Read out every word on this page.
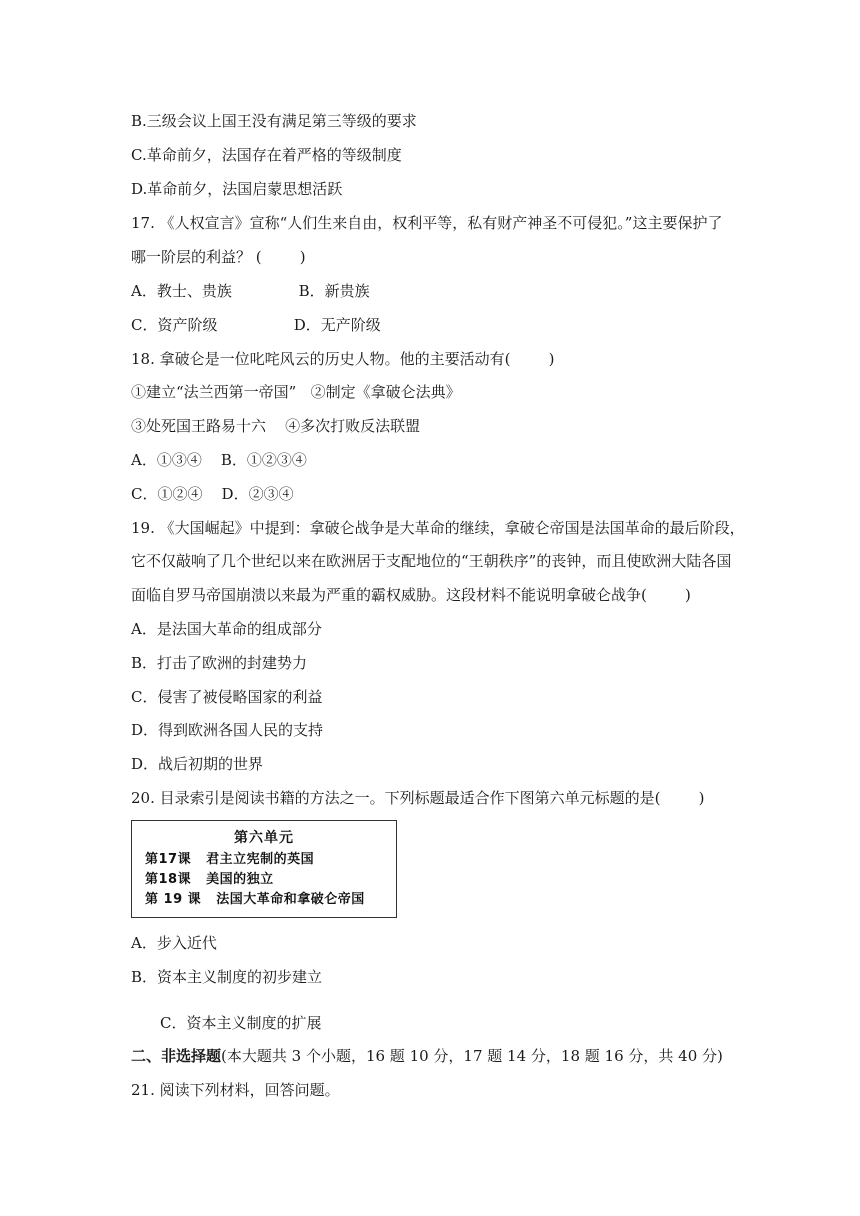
B.三级会议上国王没有满足第三等级的要求
C.革命前夕，法国存在着严格的等级制度
D.革命前夕，法国启蒙思想活跃
17. 《人权宣言》宣称“人们生来自由，权利平等，私有财产神圣不可侵犯。”这主要保护了
哪一阶层的利益？ (        )
A．教士、贵族              B．新贵族
C．资产阶级                D．无产阶级
18. 拿破仑是一位叱咤风云的历史人物。他的主要活动有(        )
①建立“法兰西第一帝国”   ②制定《拿破仑法典》
③处死国王路易十六    ④多次打败反法联盟
A．①③④    B．①②③④
C．①②④    D．②③④
19. 《大国崛起》中提到：拿破仑战争是大革命的继续，拿破仑帝国是法国革命的最后阶段，
它不仅敲响了几个世纪以来在欧洲居于支配地位的“王朝秩序”的丧钟，而且使欧洲大陆各国
面临自罗马帝国崩溃以来最为严重的霸权威胁。这段材料不能说明拿破仑战争(        )
A．是法国大革命的组成部分
B．打击了欧洲的封建势力
C．侵害了被侵略国家的利益
D．得到欧洲各国人民的支持
D．战后初期的世界
20. 目录索引是阅读书籍的方法之一。下列标题最适合作下图第六单元标题的是(        )
第六单元
第17课   君主立宪制的英国
第18课   美国的独立
第 19 课   法国大革命和拿破仑帝国
A．步入近代
B．资本主义制度的初步建立
C．资本主义制度的扩展
二、非选择题(本大题共 3 个小题，16 题 10 分，17 题 14 分，18 题 16 分，共 40 分)
21. 阅读下列材料，回答问题。
